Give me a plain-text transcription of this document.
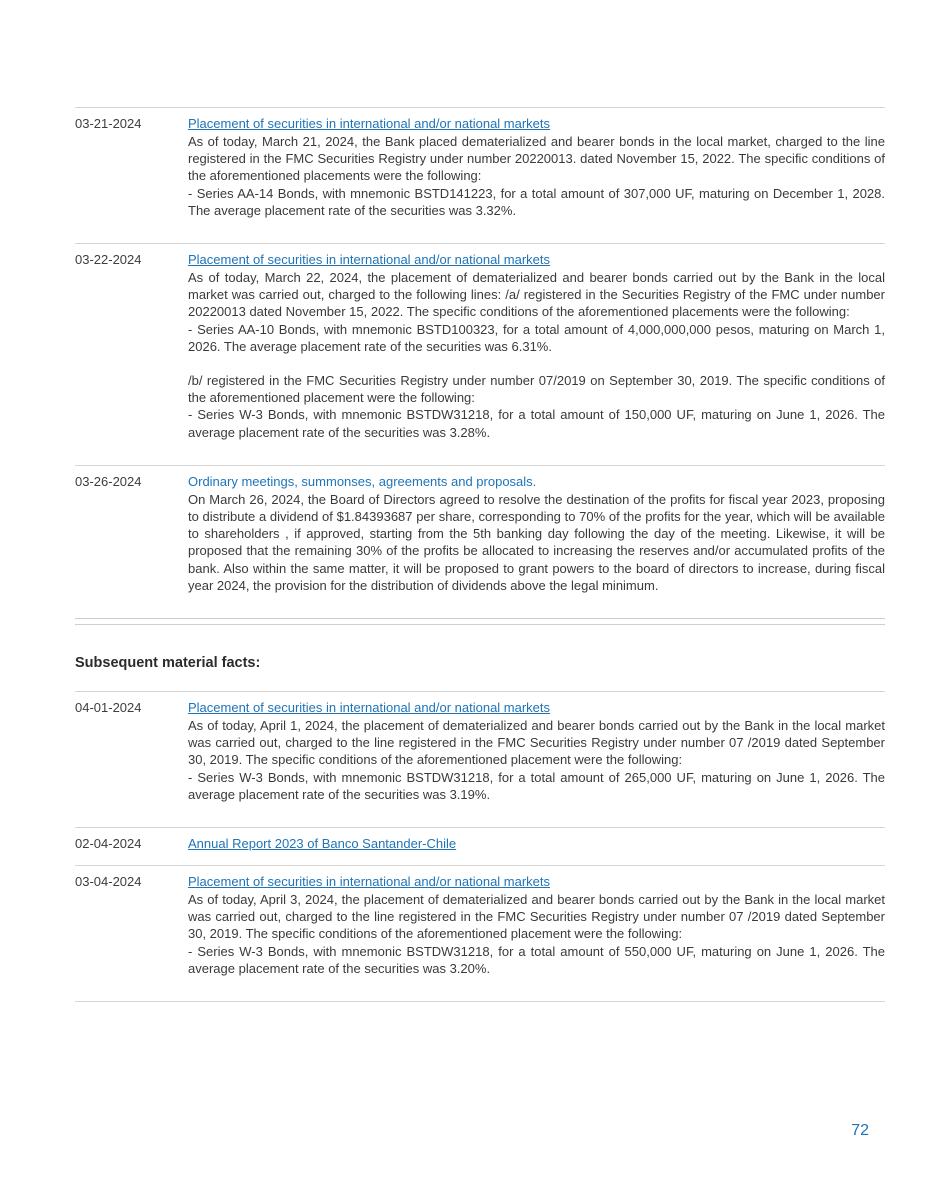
03-21-2024	Placement of securities in international and/or national markets

As of today, March 21, 2024, the Bank placed dematerialized and bearer bonds in the local market, charged to the line registered in the FMC Securities Registry under number 20220013. dated November 15, 2022. The specific conditions of the aforementioned placements were the following:

- Series AA-14 Bonds, with mnemonic BSTD141223, for a total amount of 307,000 UF, maturing on December 1, 2028. The average placement rate of the securities was 3.32%.

03-22-2024	Placement of securities in international and/or national markets

As of today, March 22, 2024, the placement of dematerialized and bearer bonds carried out by the Bank in the local market was carried out, charged to the following lines: /a/ registered in the Securities Registry of the FMC under number 20220013 dated November 15, 2022. The specific conditions of the aforementioned placements were the following:

- Series AA-10 Bonds, with mnemonic BSTD100323, for a total amount of 4,000,000,000 pesos, maturing on March 1, 2026. The average placement rate of the securities was 6.31%.

/b/ registered in the FMC Securities Registry under number 07/2019 on September 30, 2019. The specific conditions of the aforementioned placement were the following:

- Series W-3 Bonds, with mnemonic BSTDW31218, for a total amount of 150,000 UF, maturing on June 1, 2026. The average placement rate of the securities was 3.28%.

03-26-2024	Ordinary meetings, summonses, agreements and proposals.

On March 26, 2024, the Board of Directors agreed to resolve the destination of the profits for fiscal year 2023, proposing to distribute a dividend of $1.84393687 per share, corresponding to 70% of the profits for the year, which will be available to shareholders , if approved, starting from the 5th banking day following the day of the meeting. Likewise, it will be proposed that the remaining 30% of the profits be allocated to increasing the reserves and/or accumulated profits of the bank. Also within the same matter, it will be proposed to grant powers to the board of directors to increase, during fiscal year 2024, the provision for the distribution of dividends above the legal minimum.

Subsequent material facts:
04-01-2024	Placement of securities in international and/or national markets

As of today, April 1, 2024, the placement of dematerialized and bearer bonds carried out by the Bank in the local market was carried out, charged to the line registered in the FMC Securities Registry under number 07 /2019 dated September 30, 2019. The specific conditions of the aforementioned placement were the following:

- Series W-3 Bonds, with mnemonic BSTDW31218, for a total amount of 265,000 UF, maturing on June 1, 2026. The average placement rate of the securities was 3.19%.

02-04-2024	Annual Report 2023 of Banco Santander-Chile
03-04-2024	Placement of securities in international and/or national markets

As of today, April 3, 2024, the placement of dematerialized and bearer bonds carried out by the Bank in the local market was carried out, charged to the line registered in the FMC Securities Registry under number 07 /2019 dated September 30, 2019. The specific conditions of the aforementioned placement were the following:

- Series W-3 Bonds, with mnemonic BSTDW31218, for a total amount of 550,000 UF, maturing on June 1, 2026. The average placement rate of the securities was 3.20%.

72
